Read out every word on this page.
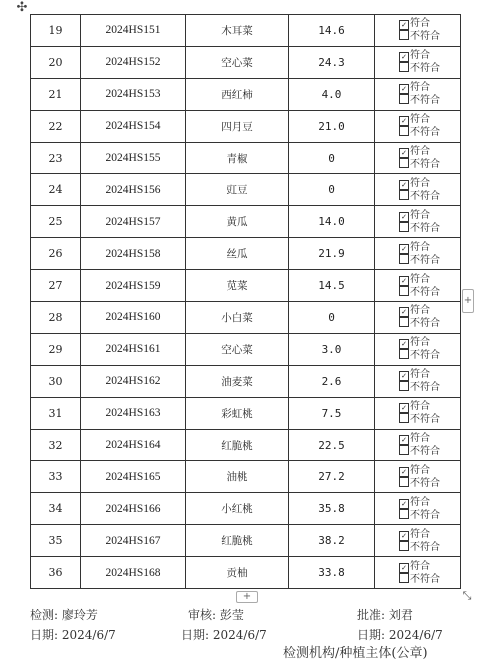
✣
19	2024HS151	木耳菜	14.6	✓ 符合
不符合

20	2024HS152	空心菜	24.3	✓ 符合
不符合

21	2024HS153	西红柿	4.0	✓ 符合
不符合

22	2024HS154	四月豆	21.0	✓ 符合
不符合

23	2024HS155	青椒	0	✓ 符合
不符合

24	2024HS156	豇豆	0	✓ 符合
不符合

25	2024HS157	黄瓜	14.0	✓ 符合
不符合

26	2024HS158	丝瓜	21.9	✓ 符合
不符合

27	2024HS159	苋菜	14.5	✓ 符合
不符合

28	2024HS160	小白菜	0	✓ 符合
不符合

29	2024HS161	空心菜	3.0	✓ 符合
不符合

30	2024HS162	油麦菜	2.6	✓ 符合
不符合

31	2024HS163	彩虹桃	7.5	✓ 符合
不符合

32	2024HS164	红脆桃	22.5	✓ 符合
不符合

33	2024HS165	油桃	27.2	✓ 符合
不符合

34	2024HS166	小红桃	35.8	✓ 符合
不符合

35	2024HS167	红脆桃	38.2	✓ 符合
不符合

36	2024HS168	贡柚	33.8	✓ 符合
不符合
+
+	⤡
检测: 廖玲芳	审核: 彭莹	批准: 刘君
日期: 2024/6/7	日期: 2024/6/7	日期: 2024/6/7
检测机构/种植主体(公章)
